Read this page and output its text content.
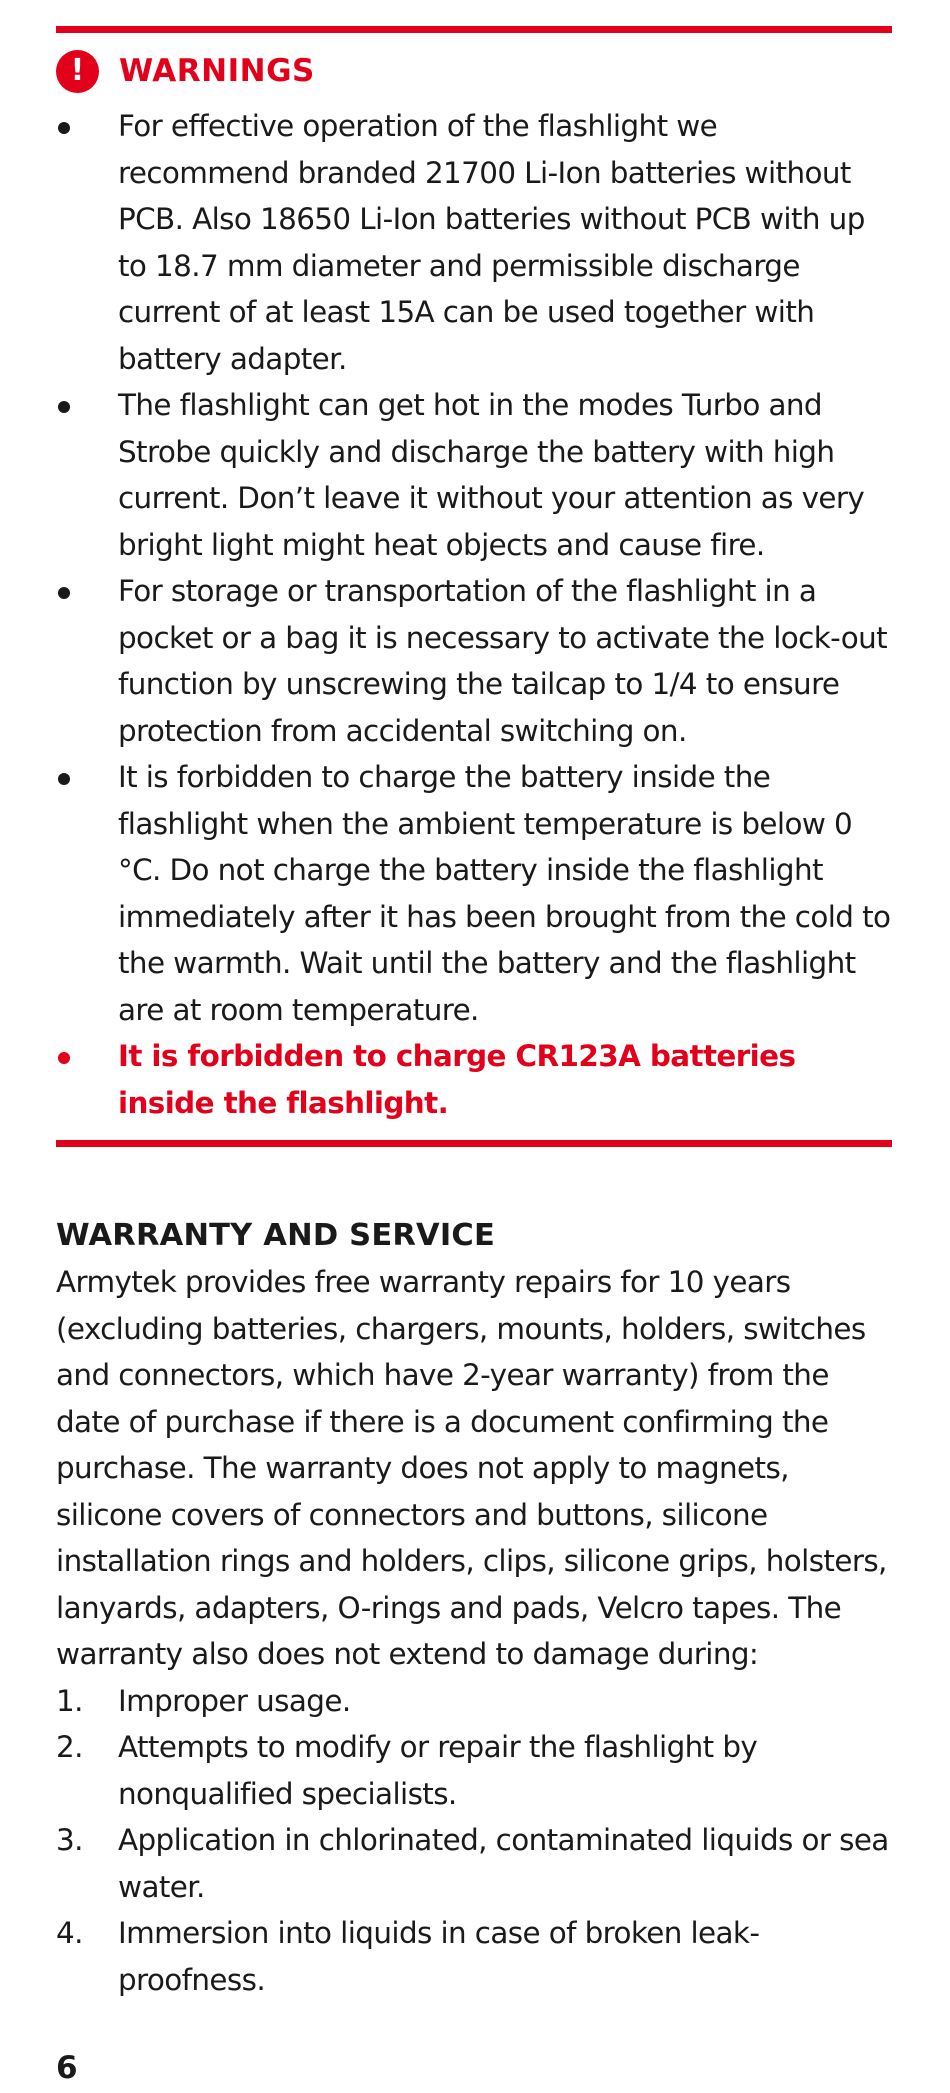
!	WARNINGS
For effective operation of the flashlight we recommend branded 21700 Li-Ion batteries without PCB. Also 18650 Li-Ion batteries without PCB with up to 18.7 mm diameter and permissible discharge current of at least 15A can be used together with battery adapter.
The flashlight can get hot in the modes Turbo and Strobe quickly and discharge the battery with high current. Don’t leave it without your attention as very bright light might heat objects and cause fire.
For storage or transportation of the flashlight in a pocket or a bag it is necessary to activate the lock-out function by unscrewing the tailcap to 1/4 to ensure protection from accidental switching on.
It is forbidden to charge the battery inside the flashlight when the ambient temperature is below 0 °C. Do not charge the battery inside the flashlight immediately after it has been brought from the cold to the warmth. Wait until the battery and the flashlight are at room temperature.
It is forbidden to charge CR123A batteries inside the flashlight.
WARRANTY AND SERVICE

Armytek provides free warranty repairs for 10 years (excluding batteries, chargers, mounts, holders, switches and connectors, which have 2-year warranty) from the date of purchase if there is a document confirming the purchase. The warranty does not apply to magnets, silicone covers of connectors and buttons, silicone installation rings and holders, clips, silicone grips, holsters, lanyards, adapters, O-rings and pads, Velcro tapes. The warranty also does not extend to damage during:

1. Improper usage.
2. Attempts to modify or repair the flashlight by nonqualified specialists.
3. Application in chlorinated, contaminated liquids or sea water.
4. Immersion into liquids in case of broken leak-proofness.
6
